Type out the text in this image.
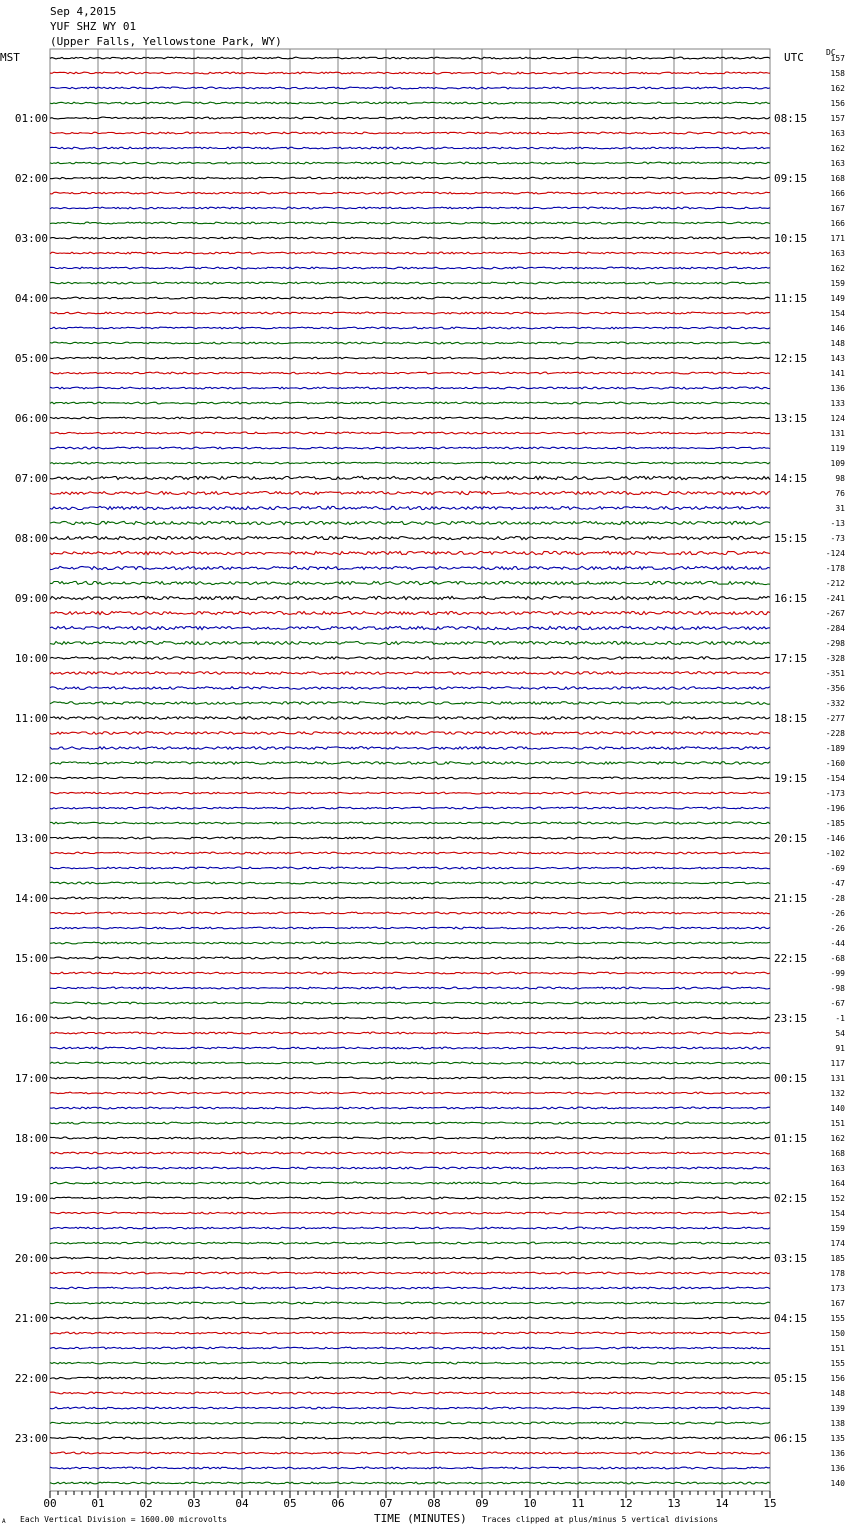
Sep 4,2015
YUF SHZ WY 01
(Upper Falls, Yellowstone Park, WY)
MST	UTC	DC
00	01	02	03	04	05	06	07	08	09	10	11	12	13	14	15
157
158
162
156
157
163
162
163
168
166
167
166
171
163
162
159
149
154
146
148
143
141
136
133
124
131
119
109
98
76
31
-13
-73
-124
-178
-212
-241
-267
-284
-298
-328
-351
-356
-332
-277
-228
-189
-160
-154
-173
-196
-185
-146
-102
-69
-47
-28
-26
-26
-44
-68
-99
-98
-67
-1
54
91
117
131
132
140
151
162
168
163
164
152
154
159
174
185
178
173
167
155
150
151
155
156
148
139
138
135
136
136
140
01:00
02:00
03:00
04:00
05:00
06:00
07:00
08:00
09:00
10:00
11:00
12:00
13:00
14:00
15:00
16:00
17:00
18:00
19:00
20:00
21:00
22:00
23:00
08:15
09:15
10:15
11:15
12:15
13:15
14:15
15:15
16:15
17:15
18:15
19:15
20:15
21:15
22:15
23:15
00:15
01:15
02:15
03:15
04:15
05:15
06:15
Each Vertical Division = 1600.00 microvolts	TIME (MINUTES) Traces clipped at plus/minus 5 vertical divisions
A
